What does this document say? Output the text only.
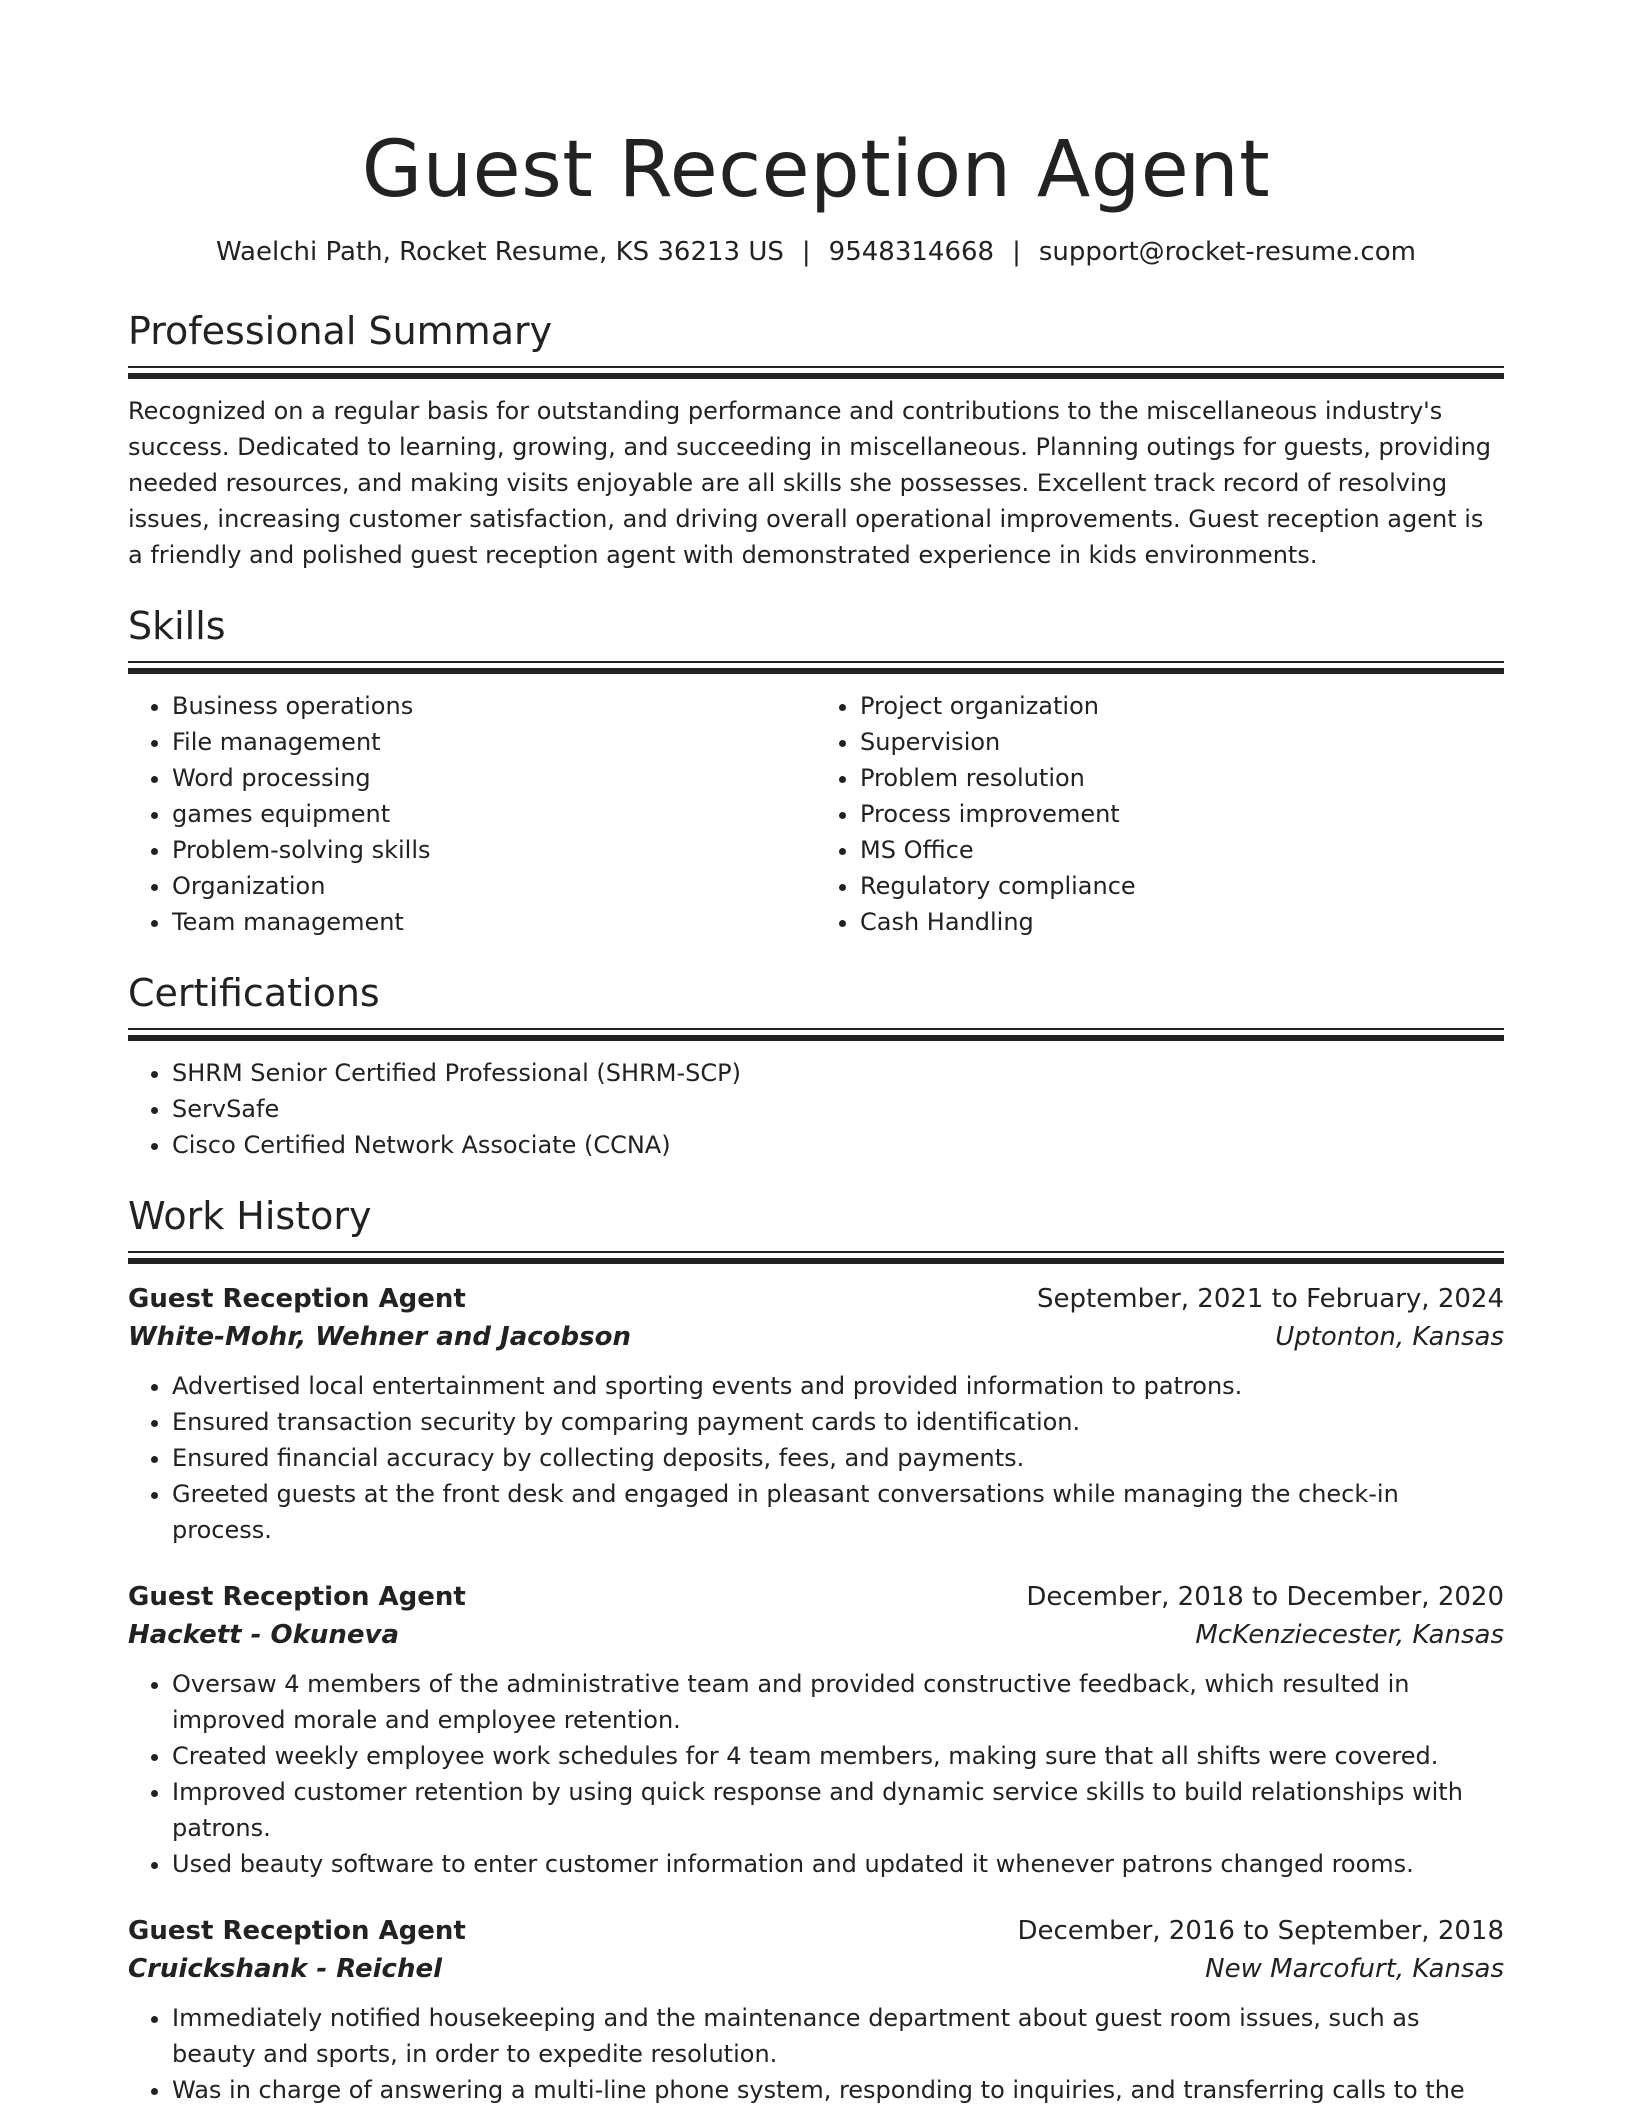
Guest Reception Agent
Waelchi Path, Rocket Resume, KS 36213 US | 9548314668 | support@rocket-resume.com
Professional Summary

Recognized on a regular basis for outstanding performance and contributions to the miscellaneous industry's success. Dedicated to learning, growing, and succeeding in miscellaneous. Planning outings for guests, providing needed resources, and making visits enjoyable are all skills she possesses. Excellent track record of resolving issues, increasing customer satisfaction, and driving overall operational improvements. Guest reception agent is a friendly and polished guest reception agent with demonstrated experience in kids environments.

Skills
• Business operations
• File management
• Word processing
• games equipment
• Problem-solving skills
• Organization
• Team management
• Project organization
• Supervision
• Problem resolution
• Process improvement
• MS Office
• Regulatory compliance
• Cash Handling
Certifications
• SHRM Senior Certified Professional (SHRM-SCP)
• ServSafe
• Cisco Certified Network Associate (CCNA)
Work History
Guest Reception Agent	September, 2021 to February, 2024
White-Mohr, Wehner and Jacobson	Uptonton, Kansas
• Advertised local entertainment and sporting events and provided information to patrons.
• Ensured transaction security by comparing payment cards to identification.
• Ensured financial accuracy by collecting deposits, fees, and payments.
• Greeted guests at the front desk and engaged in pleasant conversations while managing the check-in process.
Guest Reception Agent	December, 2018 to December, 2020
Hackett - Okuneva	McKenziecester, Kansas
• Oversaw 4 members of the administrative team and provided constructive feedback, which resulted in improved morale and employee retention.
• Created weekly employee work schedules for 4 team members, making sure that all shifts were covered.
• Improved customer retention by using quick response and dynamic service skills to build relationships with patrons.
• Used beauty software to enter customer information and updated it whenever patrons changed rooms.
Guest Reception Agent	December, 2016 to September, 2018
Cruickshank - Reichel	New Marcofurt, Kansas
• Immediately notified housekeeping and the maintenance department about guest room issues, such as beauty and sports, in order to expedite resolution.
• Was in charge of answering a multi-line phone system, responding to inquiries, and transferring calls to the
